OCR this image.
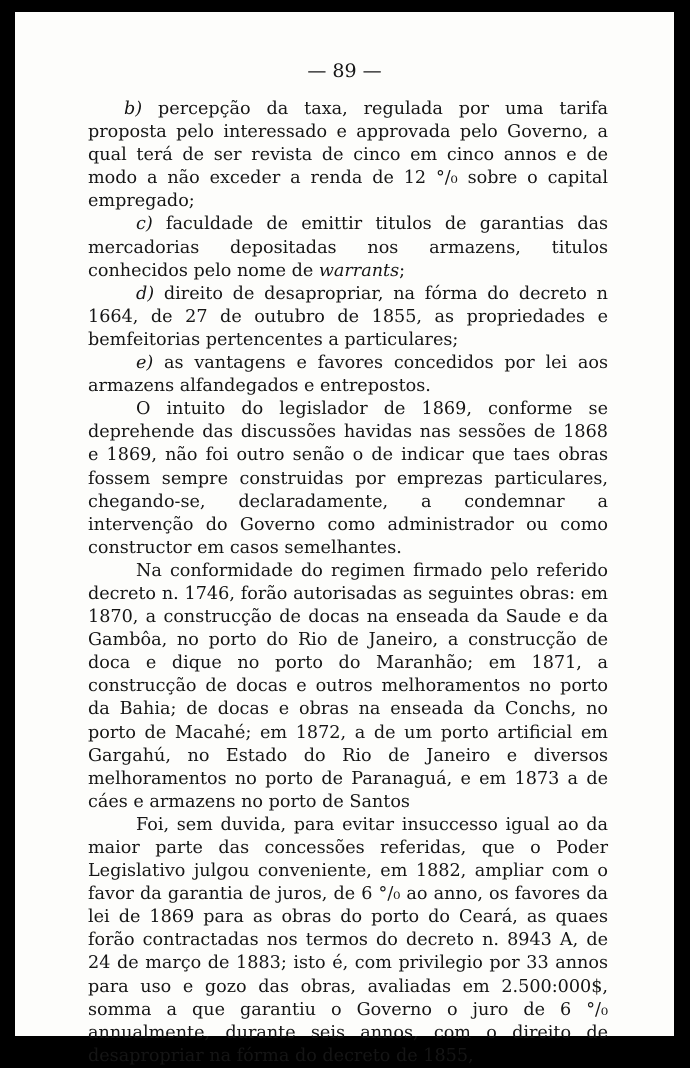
— 89 —

b) percepção da taxa, regulada por uma tarifa proposta pelo interessado e approvada pelo Governo, a qual terá de ser revista de cinco em cinco annos e de modo a não exceder a renda de 12 °/₀ sobre o capital empregado;

c) faculdade de emittir titulos de garantias das mercadorias depositadas nos armazens, titulos conhecidos pelo nome de warrants;

d) direito de desapropriar, na fórma do decreto n 1664, de 27 de outubro de 1855, as propriedades e bemfeitorias pertencentes a particulares;

e) as vantagens e favores concedidos por lei aos armazens alfandegados e entrepostos.

O intuito do legislador de 1869, conforme se deprehende das discussões havidas nas sessões de 1868 e 1869, não foi outro senão o de indicar que taes obras fossem sempre construidas por emprezas particulares, chegando-se, declaradamente, a condemnar a intervenção do Governo como administrador ou como constructor em casos semelhantes.

Na conformidade do regimen firmado pelo referido decreto n. 1746, forão autorisadas as seguintes obras: em 1870, a construcção de docas na enseada da Saude e da Gambôa, no porto do Rio de Janeiro, a construcção de doca e dique no porto do Maranhão; em 1871, a construcção de docas e outros melhoramentos no porto da Bahia; de docas e obras na enseada da Conchs, no porto de Macahé; em 1872, a de um porto artificial em Gargahú, no Estado do Rio de Janeiro e diversos melhoramentos no porto de Paranaguá, e em 1873 a de cáes e armazens no porto de Santos

Foi, sem duvida, para evitar insuccesso igual ao da maior parte das concessões referidas, que o Poder Legislativo julgou conveniente, em 1882, ampliar com o favor da garantia de juros, de 6 °/₀ ao anno, os favores da lei de 1869 para as obras do porto do Ceará, as quaes forão contractadas nos termos do decreto n. 8943 A, de 24 de março de 1883; isto é, com privilegio por 33 annos para uso e gozo das obras, avaliadas em 2.500:000$, somma a que garantiu o Governo o juro de 6 °/₀ annualmente, durante seis annos, com o direito de desapropriar na fórma do decreto de 1855,
